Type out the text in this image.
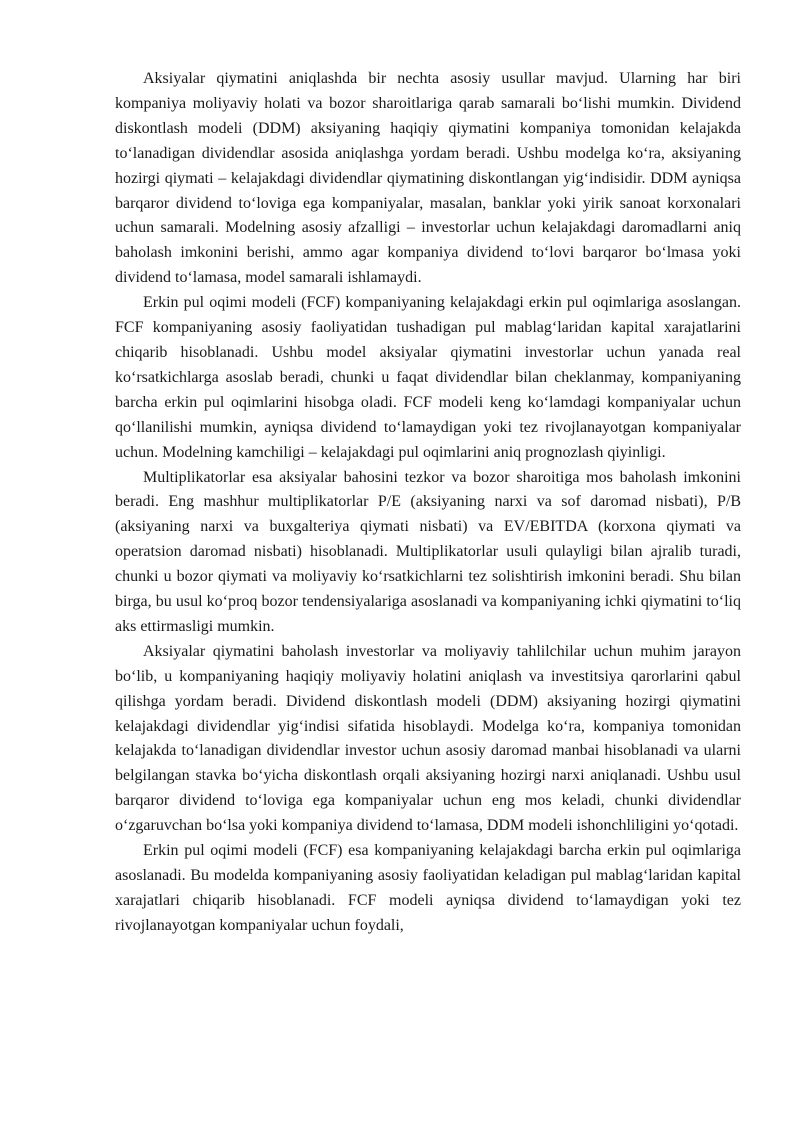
Aksiyalar qiymatini aniqlashda bir nechta asosiy usullar mavjud. Ularning har biri kompaniya moliyaviy holati va bozor sharoitlariga qarab samarali boʻlishi mumkin. Dividend diskontlash modeli (DDM) aksiyaning haqiqiy qiymatini kompaniya tomonidan kelajakda toʻlanadigan dividendlar asosida aniqlashga yordam beradi. Ushbu modelga koʻra, aksiyaning hozirgi qiymati – kelajakdagi dividendlar qiymatining diskontlangan yigʻindisidir. DDM ayniqsa barqaror dividend toʻloviga ega kompaniyalar, masalan, banklar yoki yirik sanoat korxonalari uchun samarali. Modelning asosiy afzalligi – investorlar uchun kelajakdagi daromadlarni aniq baholash imkonini berishi, ammo agar kompaniya dividend toʻlovi barqaror boʻlmasa yoki dividend toʻlamasa, model samarali ishlamaydi.

Erkin pul oqimi modeli (FCF) kompaniyaning kelajakdagi erkin pul oqimlariga asoslangan. FCF kompaniyaning asosiy faoliyatidan tushadigan pul mablagʻlaridan kapital xarajatlarini chiqarib hisoblanadi. Ushbu model aksiyalar qiymatini investorlar uchun yanada real koʻrsatkichlarga asoslab beradi, chunki u faqat dividendlar bilan cheklanmay, kompaniyaning barcha erkin pul oqimlarini hisobga oladi. FCF modeli keng koʻlamdagi kompaniyalar uchun qoʻllanilishi mumkin, ayniqsa dividend toʻlamaydigan yoki tez rivojlanayotgan kompaniyalar uchun. Modelning kamchiligi – kelajakdagi pul oqimlarini aniq prognozlash qiyinligi.

Multiplikatorlar esa aksiyalar bahosini tezkor va bozor sharoitiga mos baholash imkonini beradi. Eng mashhur multiplikatorlar P/E (aksiyaning narxi va sof daromad nisbati), P/B (aksiyaning narxi va buxgalteriya qiymati nisbati) va EV/EBITDA (korxona qiymati va operatsion daromad nisbati) hisoblanadi. Multiplikatorlar usuli qulayligi bilan ajralib turadi, chunki u bozor qiymati va moliyaviy koʻrsatkichlarni tez solishtirish imkonini beradi. Shu bilan birga, bu usul koʻproq bozor tendensiyalariga asoslanadi va kompaniyaning ichki qiymatini toʻliq aks ettirmasligi mumkin.

Aksiyalar qiymatini baholash investorlar va moliyaviy tahlilchilar uchun muhim jarayon boʻlib, u kompaniyaning haqiqiy moliyaviy holatini aniqlash va investitsiya qarorlarini qabul qilishga yordam beradi. Dividend diskontlash modeli (DDM) aksiyaning hozirgi qiymatini kelajakdagi dividendlar yigʻindisi sifatida hisoblaydi. Modelga koʻra, kompaniya tomonidan kelajakda toʻlanadigan dividendlar investor uchun asosiy daromad manbai hisoblanadi va ularni belgilangan stavka boʻyicha diskontlash orqali aksiyaning hozirgi narxi aniqlanadi. Ushbu usul barqaror dividend toʻloviga ega kompaniyalar uchun eng mos keladi, chunki dividendlar oʻzgaruvchan boʻlsa yoki kompaniya dividend toʻlamasa, DDM modeli ishonchliligini yoʻqotadi.

Erkin pul oqimi modeli (FCF) esa kompaniyaning kelajakdagi barcha erkin pul oqimlariga asoslanadi. Bu modelda kompaniyaning asosiy faoliyatidan keladigan pul mablagʻlaridan kapital xarajatlari chiqarib hisoblanadi. FCF modeli ayniqsa dividend toʻlamaydigan yoki tez rivojlanayotgan kompaniyalar uchun foydali,
